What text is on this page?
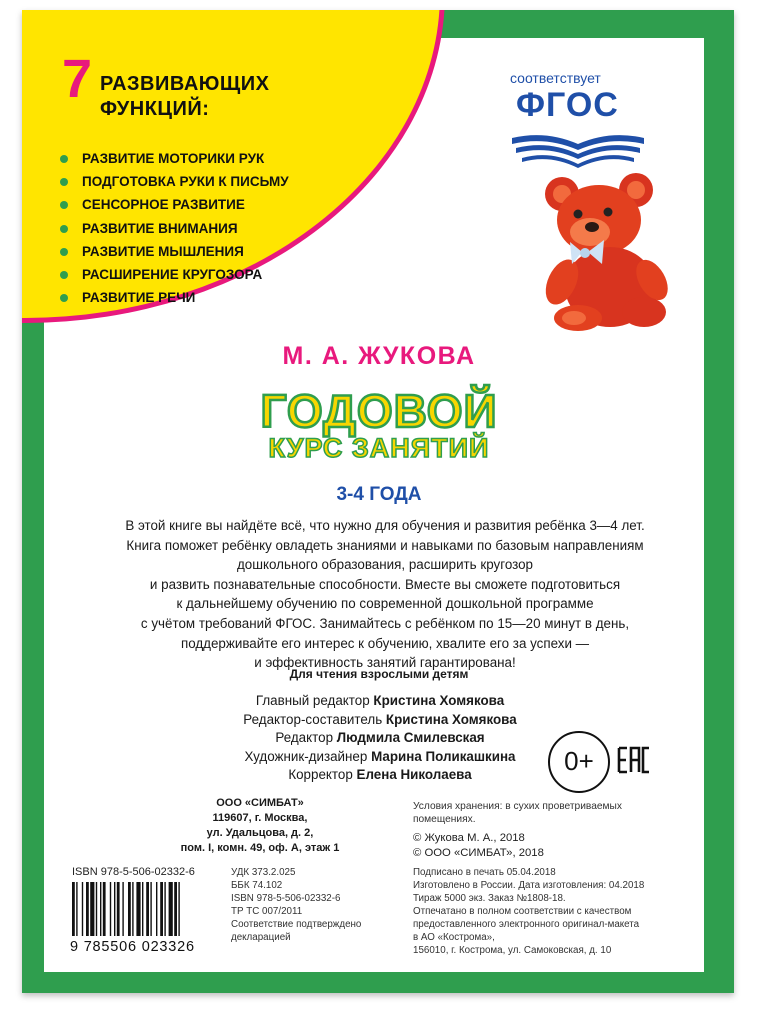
7 РАЗВИВАЮЩИХ
ФУНКЦИЙ:
РАЗВИТИЕ МОТОРИКИ РУК
ПОДГОТОВКА РУКИ К ПИСЬМУ
СЕНСОРНОЕ РАЗВИТИЕ
РАЗВИТИЕ ВНИМАНИЯ
РАЗВИТИЕ МЫШЛЕНИЯ
РАСШИРЕНИЕ КРУГОЗОРА
РАЗВИТИЕ РЕЧИ
соответствует
ФГОС
М. А. ЖУКОВА
ГОДОВОЙ
КУРС ЗАНЯТИЙ
3-4 ГОДА
В этой книге вы найдёте всё, что нужно для обучения и развития ребёнка 3—4 лет.
Книга поможет ребёнку овладеть знаниями и навыками по базовым направлениям
дошкольного образования, расширить кругозор
и развить познавательные способности. Вместе вы сможете подготовиться
к дальнейшему обучению по современной дошкольной программе
с учётом требований ФГОС. Занимайтесь с ребёнком по 15—20 минут в день,
поддерживайте его интерес к обучению, хвалите его за успехи —
и эффективность занятий гарантирована!
Для чтения взрослыми детям
Главный редактор Кристина Хомякова
Редактор-составитель Кристина Хомякова
Редактор Людмила Смилевская
Художник-дизайнер Марина Поликашкина
Корректор Елена Николаева	0+
ООО «СИМБАТ»
119607, г. Москва,
ул. Удальцова, д. 2,
пом. I, комн. 49, оф. А, этаж 1
Условия хранения: в сухих проветриваемых
помещениях.
© Жукова М. А., 2018
© ООО «СИМБАТ», 2018
ISBN 978-5-506-02332-6	УДК 373.2.025
ББК 74.102
ISBN 978-5-506-02332-6
ТР ТС 007/2011
Соответствие подтверждено
декларацией
Подписано в печать 05.04.2018
Изготовлено в России. Дата изготовления: 04.2018
Тираж 5000 экз. Заказ №1808-18.
Отпечатано в полном соответствии с качеством
предоставленного электронного оригинал-макета
в АО «Кострома»,
156010, г. Кострома, ул. Самоковская, д. 10
9 785506 023326
